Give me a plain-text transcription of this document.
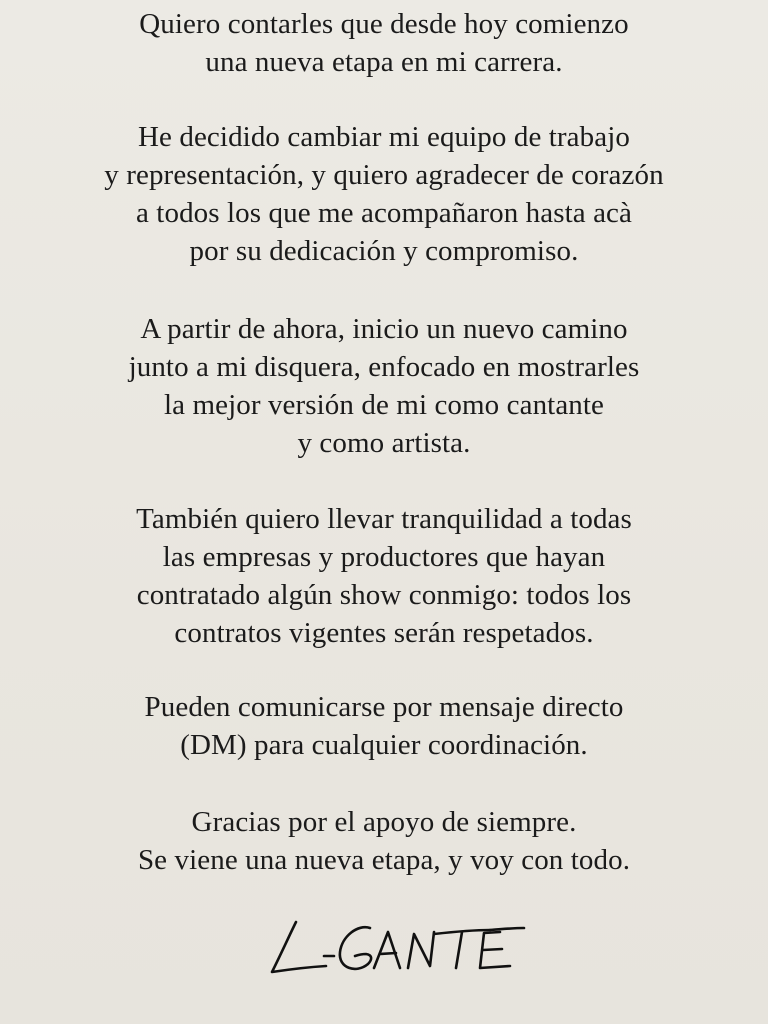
Quiero contarles que desde hoy comienzo
una nueva etapa en mi carrera.

He decidido cambiar mi equipo de trabajo
y representación, y quiero agradecer de corazón
a todos los que me acompañaron hasta acà
por su dedicación y compromiso.

A partir de ahora, inicio un nuevo camino
junto a mi disquera, enfocado en mostrarles
la mejor versión de mi como cantante
y como artista.

También quiero llevar tranquilidad a todas
las empresas y productores que hayan
contratado algún show conmigo: todos los
contratos vigentes serán respetados.

Pueden comunicarse por mensaje directo
(DM) para cualquier coordinación.

Gracias por el apoyo de siempre.
Se viene una nueva etapa, y voy con todo.
